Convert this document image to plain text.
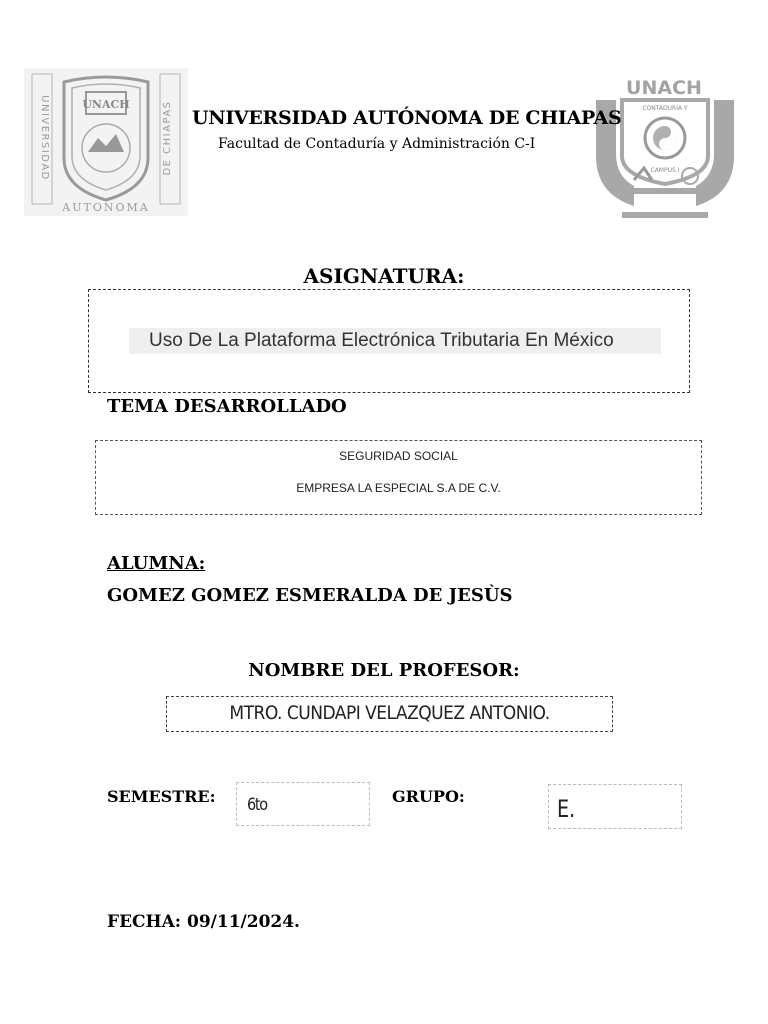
UNIVERSIDAD	DE CHIAPAS
UNACH
AUTONOMA
UNACH
CONTADURÍA Y
CAMPUS I
UNIVERSIDAD AUTÓNOMA DE CHIAPAS
Facultad de Contaduría y Administración C-I
ASIGNATURA:
Uso De La Plataforma Electrónica Tributaria En México
TEMA DESARROLLADO
SEGURIDAD SOCIAL
EMPRESA LA ESPECIAL S.A DE C.V.
ALUMNA:
GOMEZ GOMEZ ESMERALDA DE JESÙS
NOMBRE DEL PROFESOR:
MTRO. CUNDAPI VELAZQUEZ ANTONIO.
SEMESTRE: 6to	GRUPO:	E.
FECHA: 09/11/2024.
